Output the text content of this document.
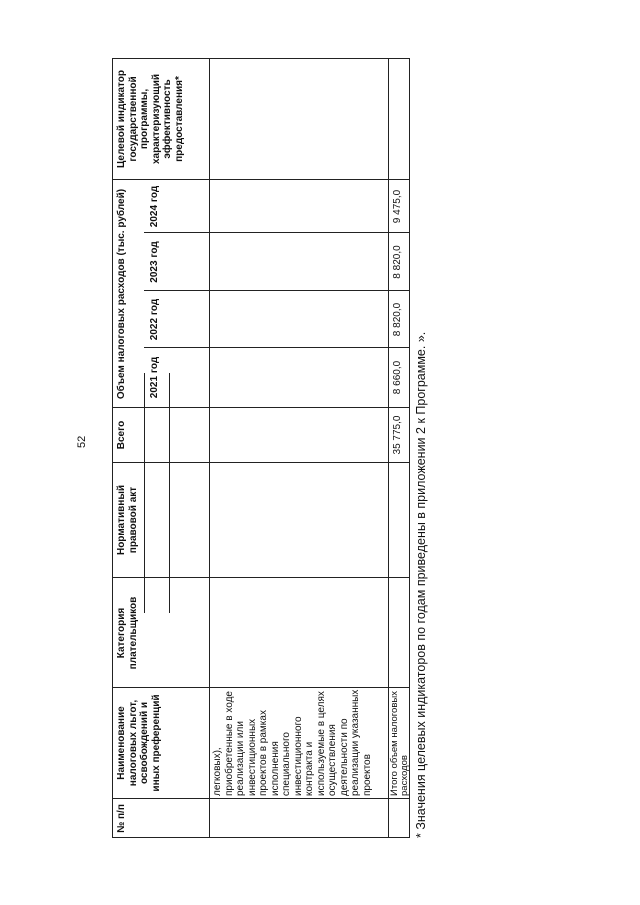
52
№ п/п
Наименование налоговых льгот, освобождений и иных преференций
Категория плательщиков
Нормативный правовой акт
Всего
Объем налоговых расходов (тыс. рублей) 2021 год
2022 год
2023 год
2024 год
Целевой индикатор государственной программы, характеризующий эффективность предоставления*
легковых), приобретенные в ходе реализации или инвестиционных проектов в рамках исполнения специального инвестиционного контракта и используемые в целях осуществления деятельности по реализации указанных проектов Итого объем налоговых расходов
35 775,0
8 660,0
8 820,0
8 820,0
9 475,0
* Значения целевых индикаторов по годам приведены в приложении 2 к Программе. ».
